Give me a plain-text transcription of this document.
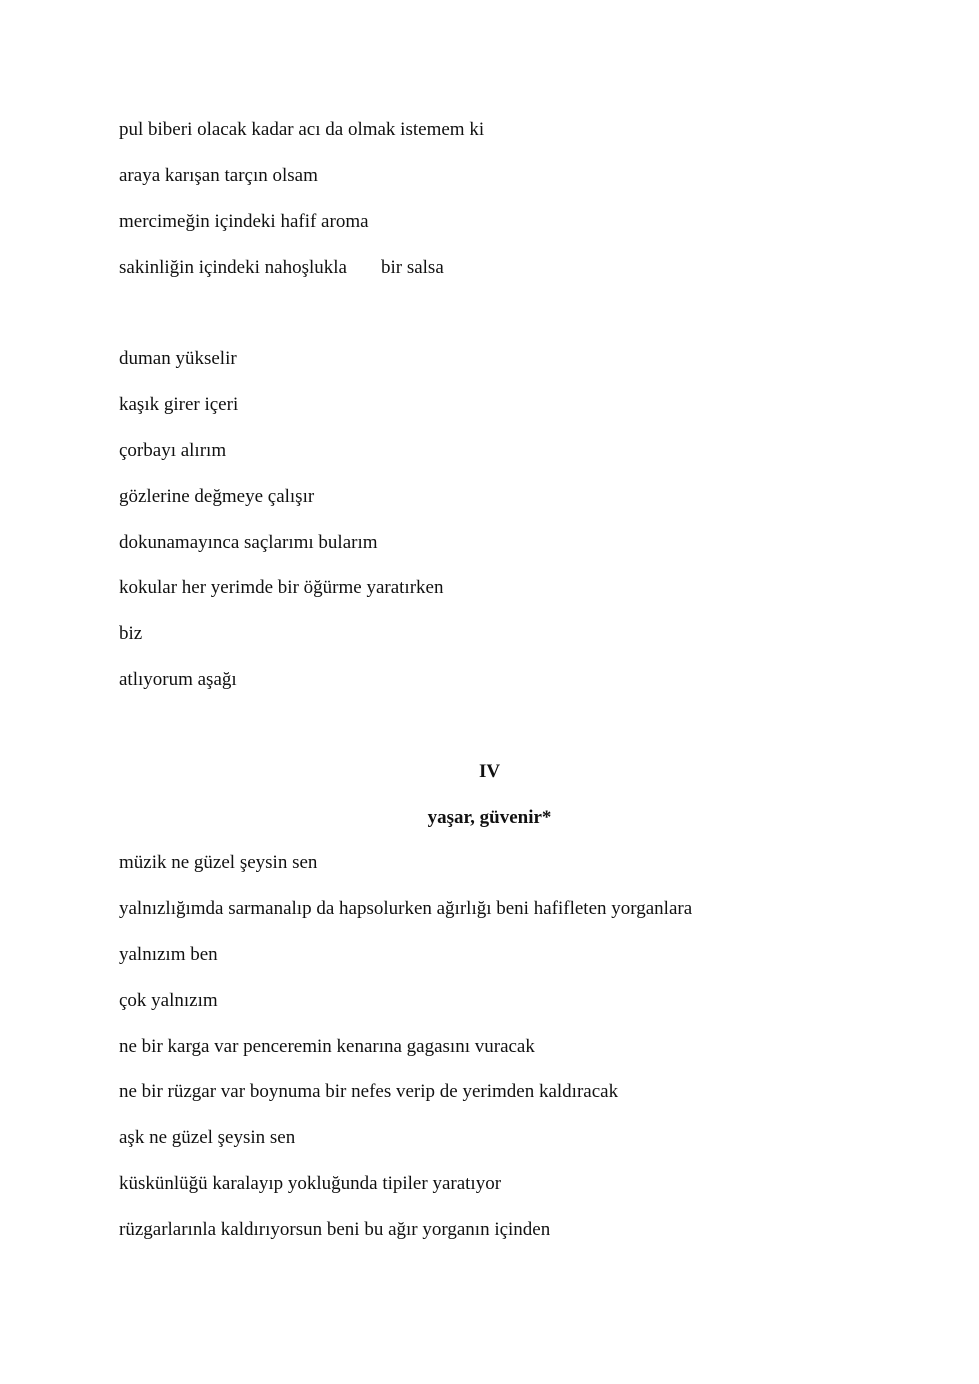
pul biberi olacak kadar acı da olmak istemem ki
araya karışan tarçın olsam
mercimeğin içindeki hafif aroma
sakinliğin içindeki nahoşlukla bir salsa
duman yükselir
kaşık girer içeri
çorbayı alırım
gözlerine değmeye çalışır
dokunamayınca saçlarımı bularım
kokular her yerimde bir öğürme yaratırken
biz
atlıyorum aşağı
IV
yaşar, güvenir*
müzik ne güzel şeysin sen
yalnızlığımda sarmanalıp da hapsolurken ağırlığı beni hafifleten yorganlara
yalnızım ben
çok yalnızım
ne bir karga var penceremin kenarına gagasını vuracak
ne bir rüzgar var boynuma bir nefes verip de yerimden kaldıracak
aşk ne güzel şeysin sen
küskünlüğü karalayıp yokluğunda tipiler yaratıyor
rüzgarlarınla kaldırıyorsun beni bu ağır yorganın içinden
